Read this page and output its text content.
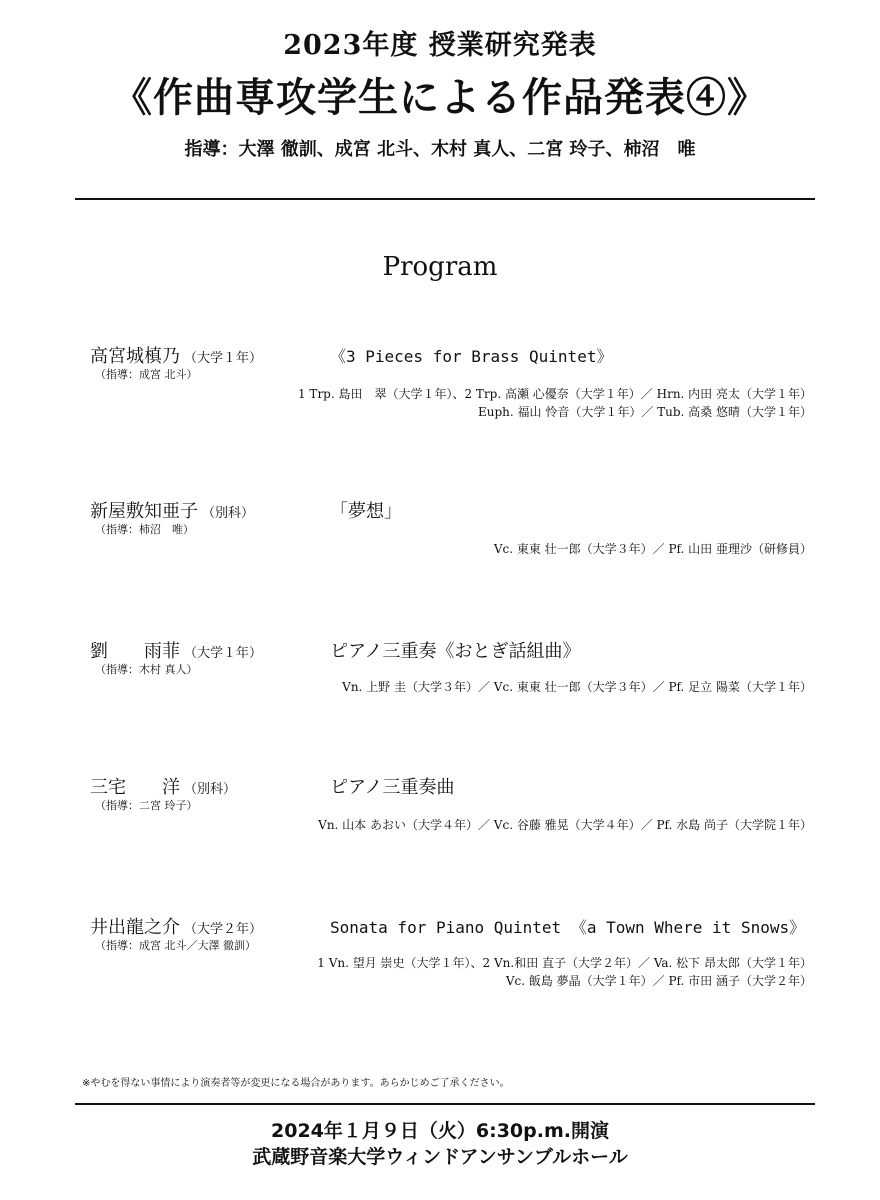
2023年度 授業研究発表
《作曲専攻学生による作品発表④》
指導：大澤 徹訓、成宮 北斗、木村 真人、二宮 玲子、柿沼　唯
Program
高宮城槙乃 （大学１年）
（指導：成宮 北斗）
《3 Pieces for Brass Quintet》
1 Trp. 島田　翠（大学１年）、2 Trp. 高瀬 心優奈（大学１年）／ Hrn. 内田 亮太（大学１年）
Euph. 福山 怜音（大学１年）／ Tub. 高桑 悠晴（大学１年）
新屋敷知亜子 （別科）
（指導：柿沼　唯）
「夢想」
Vc. 東東 壮一郎（大学３年）／ Pf. 山田 亜理沙（研修員）
劉　　雨菲 （大学１年）
（指導：木村 真人）
ピアノ三重奏《おとぎ話組曲》
Vn. 上野 圭（大学３年）／ Vc. 東東 壮一郎（大学３年）／ Pf. 足立 陽菜（大学１年）
三宅　　洋 （別科）
（指導：二宮 玲子）
ピアノ三重奏曲
Vn. 山本 あおい（大学４年）／ Vc. 谷藤 雅晃（大学４年）／ Pf. 水島 尚子（大学院１年）
井出龍之介 （大学２年）
（指導：成宮 北斗／大澤 徹訓）
Sonata for Piano Quintet 《a Town Where it Snows》
1 Vn. 望月 崇史（大学１年）、2 Vn.和田 直子（大学２年）／ Va. 松下 昂太郎（大学１年）
Vc. 飯島 夢晶（大学１年）／ Pf. 市田 涵子（大学２年）
※やむを得ない事情により演奏者等が変更になる場合があります。あらかじめご了承ください。
2024年１月９日（火）6:30p.m.開演
武蔵野音楽大学ウィンドアンサンブルホール
